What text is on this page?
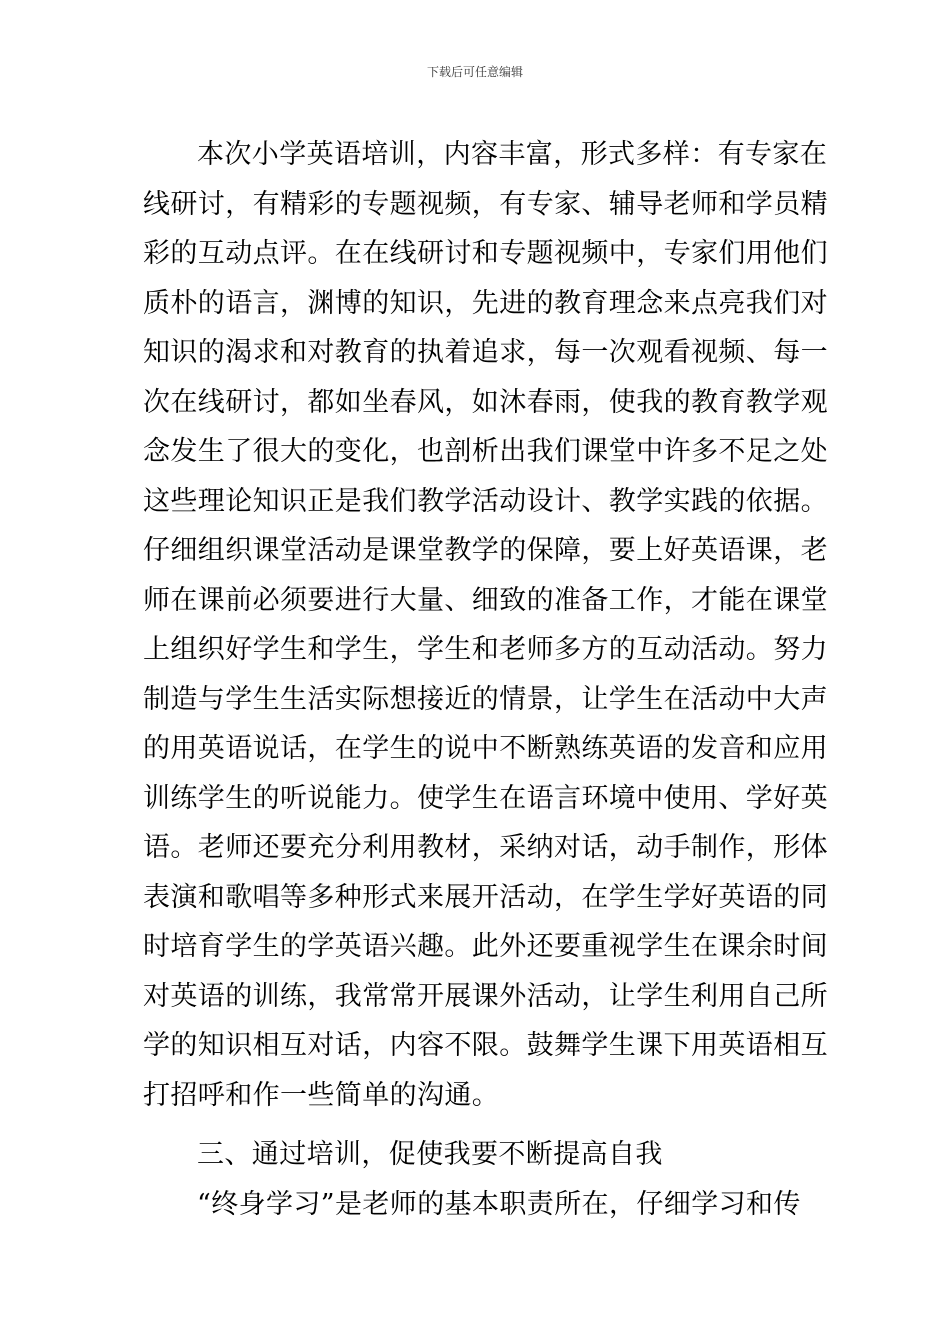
下载后可任意编辑
本次小学英语培训，内容丰富，形式多样：有专家在
线研讨，有精彩的专题视频，有专家、辅导老师和学员精
彩的互动点评。在在线研讨和专题视频中，专家们用他们
质朴的语言，渊博的知识，先进的教育理念来点亮我们对
知识的渴求和对教育的执着追求，每一次观看视频、每一
次在线研讨，都如坐春风，如沐春雨，使我的教育教学观
念发生了很大的变化，也剖析出我们课堂中许多不足之处
这些理论知识正是我们教学活动设计、教学实践的依据。
仔细组织课堂活动是课堂教学的保障，要上好英语课，老
师在课前必须要进行大量、细致的准备工作，才能在课堂
上组织好学生和学生，学生和老师多方的互动活动。努力
制造与学生生活实际想接近的情景，让学生在活动中大声
的用英语说话，在学生的说中不断熟练英语的发音和应用
训练学生的听说能力。使学生在语言环境中使用、学好英
语。老师还要充分利用教材，采纳对话，动手制作，形体
表演和歌唱等多种形式来展开活动，在学生学好英语的同
时培育学生的学英语兴趣。此外还要重视学生在课余时间
对英语的训练，我常常开展课外活动，让学生利用自己所
学的知识相互对话，内容不限。鼓舞学生课下用英语相互
打招呼和作一些简单的沟通。
三、通过培训，促使我要不断提高自我
“终身学习”是老师的基本职责所在，仔细学习和传
